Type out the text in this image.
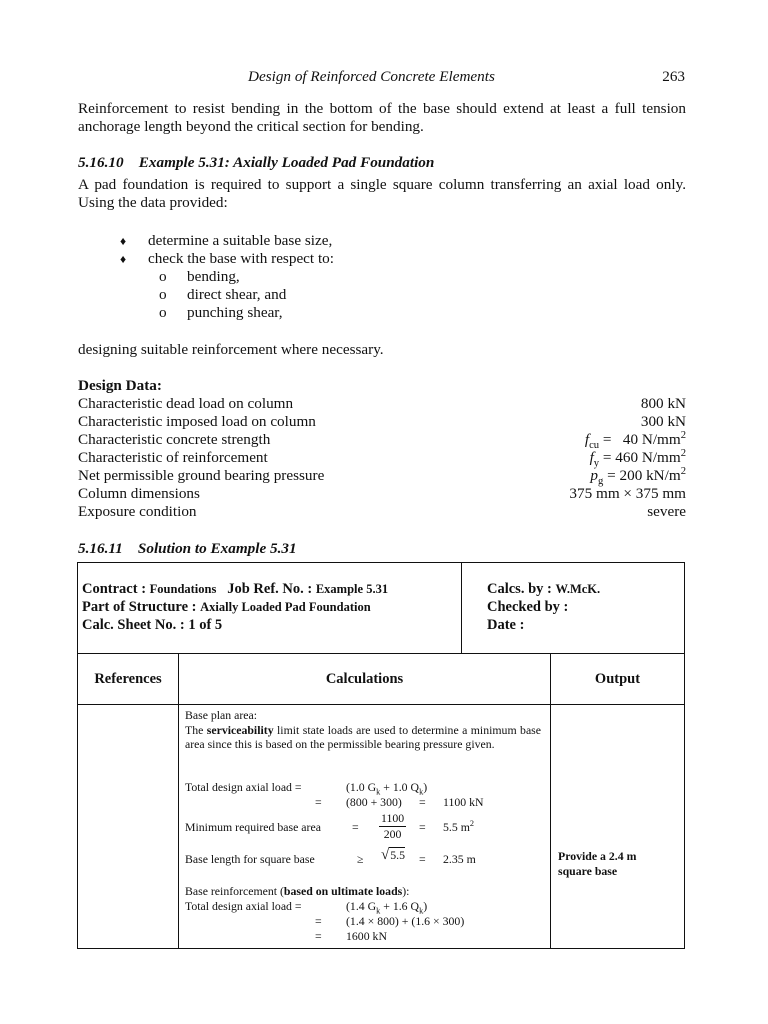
Design of Reinforced Concrete Elements	263
Reinforcement to resist bending in the bottom of the base should extend at least a full tension anchorage length beyond the critical section for bending.
5.16.10 Example 5.31: Axially Loaded Pad Foundation
A pad foundation is required to support a single square column transferring an axial load only. Using the data provided:
♦ determine a suitable base size,
♦ check the base with respect to:
o bending,
o direct shear, and
o punching shear,
designing suitable reinforcement where necessary.
Design Data:
Characteristic dead load on column	800 kN
Characteristic imposed load on column	300 kN
Characteristic concrete strength	$f_{cu} = 40$ $N/mm^2$
Characteristic of reinforcement	$f_y = 460$ $N/mm^2$
Net permissible ground bearing pressure	$p_g = 200$ $kN/m^2$
Column dimensions	375 mm × 375 mm
Exposure condition	severe
5.16.11 Solution to Example 5.31
Contract : Foundations Job Ref. No. : Example 5.31
Part of Structure : Axially Loaded Pad Foundation
Calc. Sheet No. : 1 of 5
Calcs. by : W.McK.
Checked by :
Date :
References	Calculations	Output
Base plan area:
The serviceability limit state loads are used to determine a minimum base area since this is based on the permissible bearing pressure given.
Total design axial load =	(1.0 $G_k + 1.0$ $Q_k$)
= (800 + 300) = 1100 kN
Minimum required base area	= $\frac{1100}{200} = 5.5$ $m^2$
Base length for square base	≥ √5.5 = 2.35 m
Base reinforcement (based on ultimate loads):
Total design axial load =	(1.4 $G_k + 1.6$ $Q_k$)
= (1.4 × 800) + (1.6 × 300)
= 1600 kN
Provide a 2.4 m square base
